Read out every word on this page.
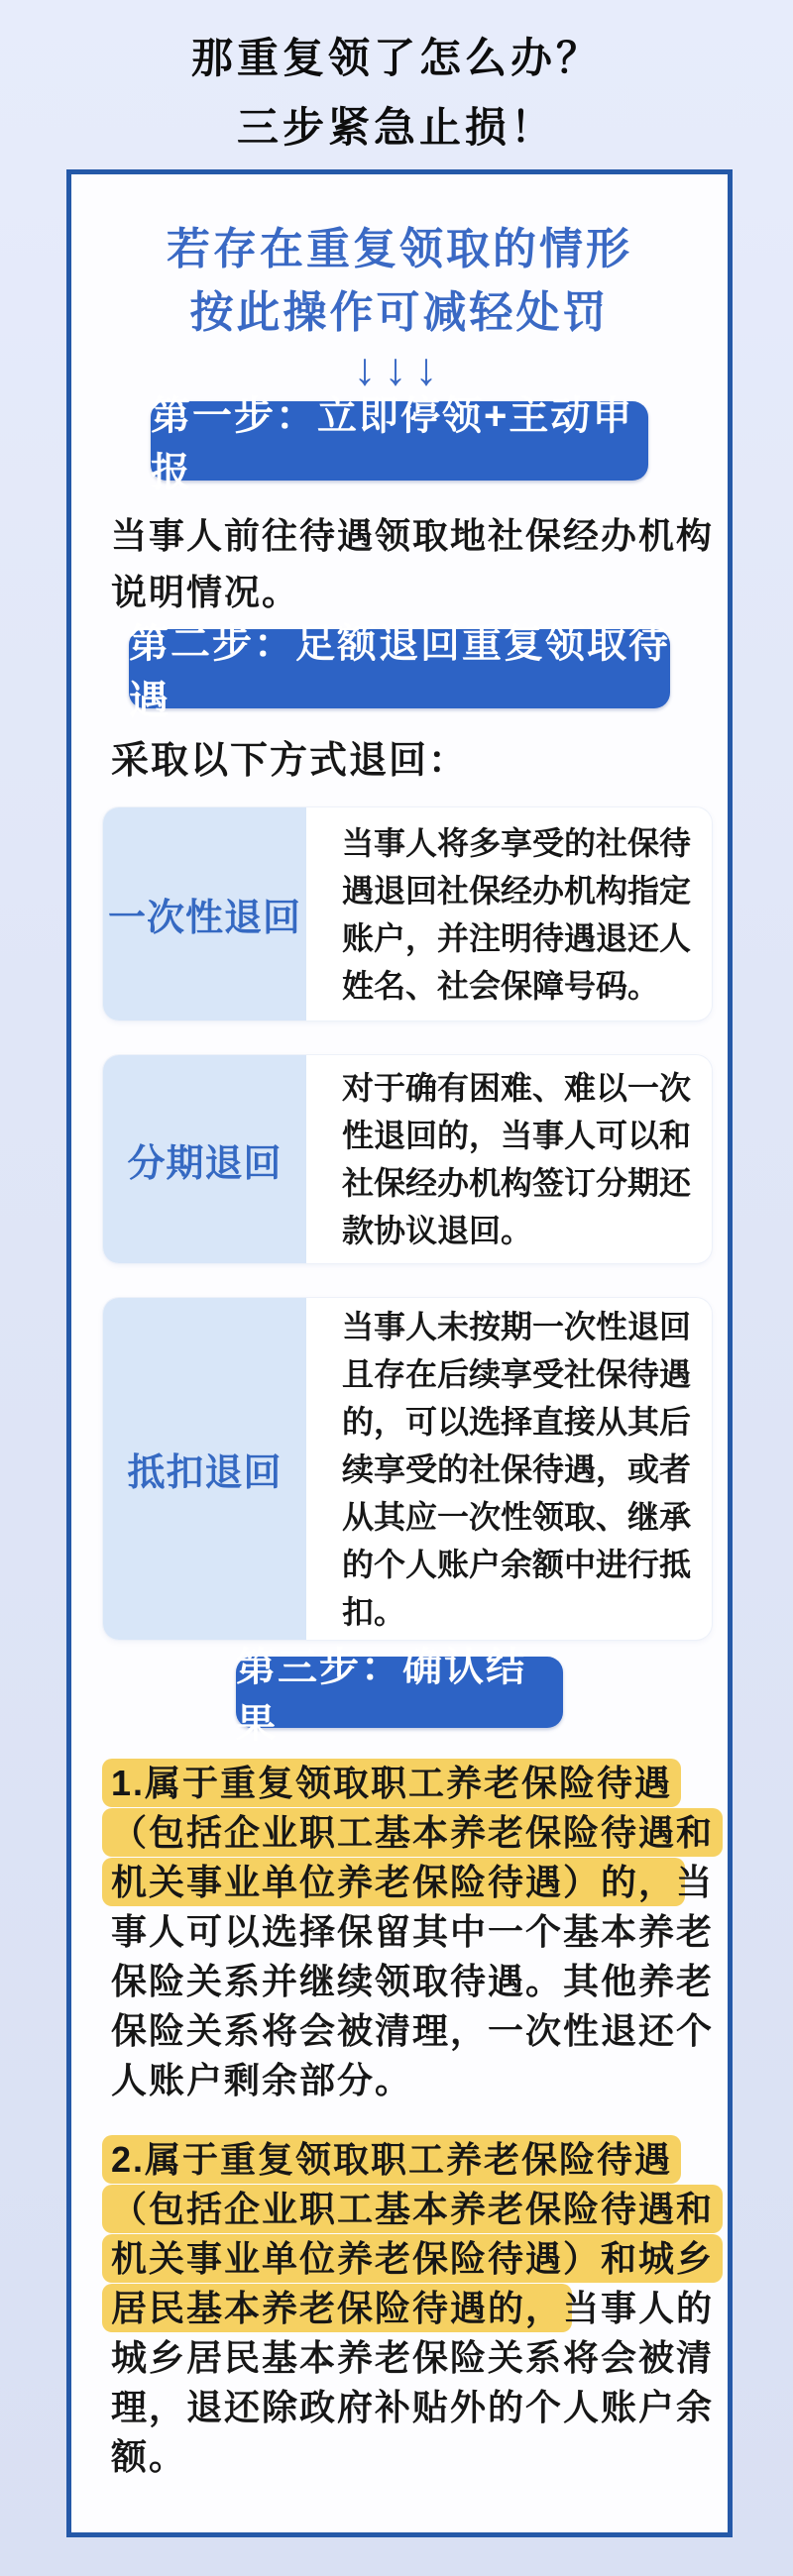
那重复领了怎么办？
三步紧急止损！
若存在重复领取的情形
按此操作可减轻处罚
↓↓↓
第一步：立即停领+主动申报
当事人前往待遇领取地社保经办机构
说明情况。
第二步：足额退回重复领取待遇
采取以下方式退回：
一次性退回
当事人将多享受的社保待
遇退回社保经办机构指定
账户，并注明待遇退还人
姓名、社会保障号码。
分期退回
对于确有困难、难以一次
性退回的，当事人可以和
社保经办机构签订分期还
款协议退回。
抵扣退回
当事人未按期一次性退回
且存在后续享受社保待遇
的，可以选择直接从其后
续享受的社保待遇，或者
从其应一次性领取、继承
的个人账户余额中进行抵
扣。
第三步：确认结果
1.属于重复领取职工养老保险待遇
（包括企业职工基本养老保险待遇和
机关事业单位养老保险待遇）的，当
事人可以选择保留其中一个基本养老
保险关系并继续领取待遇。其他养老
保险关系将会被清理，一次性退还个
人账户剩余部分。
2.属于重复领取职工养老保险待遇
（包括企业职工基本养老保险待遇和
机关事业单位养老保险待遇）和城乡
居民基本养老保险待遇的，当事人的
城乡居民基本养老保险关系将会被清
理，退还除政府补贴外的个人账户余
额。
